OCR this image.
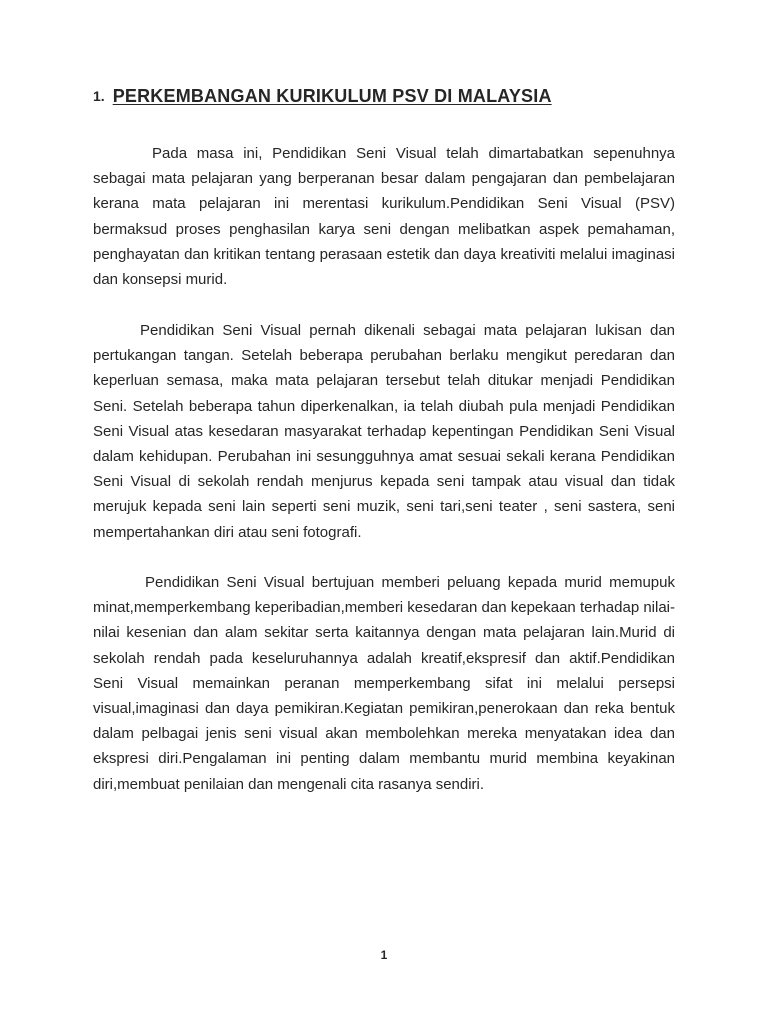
1. PERKEMBANGAN KURIKULUM PSV DI MALAYSIA

Pada masa ini, Pendidikan Seni Visual telah dimartabatkan sepenuhnya sebagai mata pelajaran yang berperanan besar dalam pengajaran dan pembelajaran kerana mata pelajaran ini merentasi kurikulum.Pendidikan Seni Visual (PSV) bermaksud proses penghasilan karya seni dengan melibatkan aspek pemahaman, penghayatan dan kritikan tentang perasaan estetik dan daya kreativiti melalui imaginasi dan konsepsi murid.

Pendidikan Seni Visual pernah dikenali sebagai mata pelajaran lukisan dan pertukangan tangan. Setelah beberapa perubahan berlaku mengikut peredaran dan keperluan semasa, maka mata pelajaran tersebut telah ditukar menjadi Pendidikan Seni. Setelah beberapa tahun diperkenalkan, ia telah diubah pula menjadi Pendidikan Seni Visual atas kesedaran masyarakat terhadap kepentingan Pendidikan Seni Visual dalam kehidupan. Perubahan ini sesungguhnya amat sesuai sekali kerana Pendidikan Seni Visual di sekolah rendah menjurus kepada seni tampak atau visual dan tidak merujuk kepada seni lain seperti seni muzik, seni tari,seni teater , seni sastera, seni mempertahankan diri atau seni fotografi.

Pendidikan Seni Visual bertujuan memberi peluang kepada murid memupuk minat,memperkembang keperibadian,memberi kesedaran dan kepekaan terhadap nilai-nilai kesenian dan alam sekitar serta kaitannya dengan mata pelajaran lain.Murid di sekolah rendah pada keseluruhannya adalah kreatif,ekspresif dan aktif.Pendidikan Seni Visual memainkan peranan memperkembang sifat ini melalui persepsi visual,imaginasi dan daya pemikiran.Kegiatan pemikiran,penerokaan dan reka bentuk dalam pelbagai jenis seni visual akan membolehkan mereka menyatakan idea dan ekspresi diri.Pengalaman ini penting dalam membantu murid membina keyakinan diri,membuat penilaian dan mengenali cita rasanya sendiri.

1
